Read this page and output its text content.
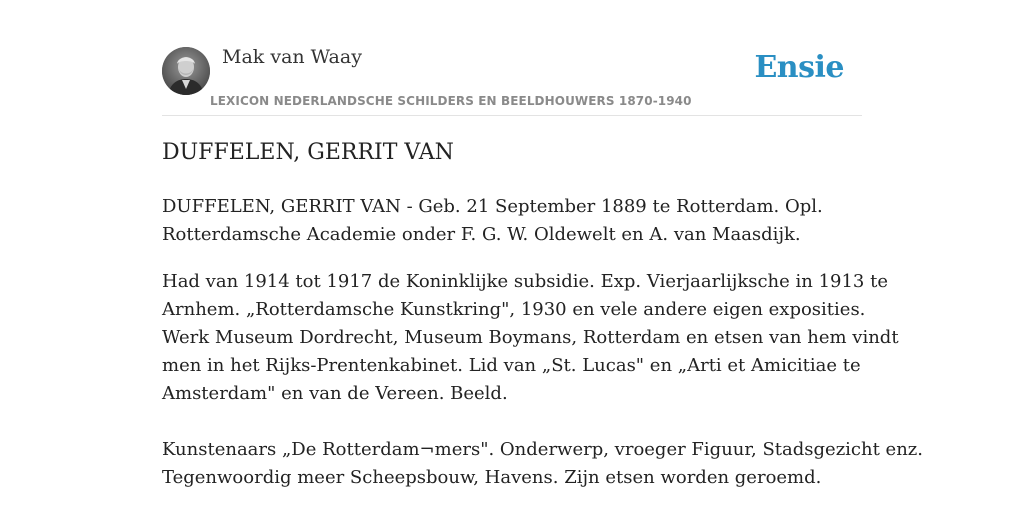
Mak van Waay
LEXICON NEDERLANDSCHE SCHILDERS EN BEELDHOUWERS 1870-1940
Ensie
DUFFELEN, GERRIT VAN

DUFFELEN, GERRIT VAN - Geb. 21 September 1889 te Rotterdam. Opl.
Rotterdamsche Academie onder F. G. W. Oldewelt en A. van Maasdijk.

Had van 1914 tot 1917 de Koninklijke subsidie. Exp. Vierjaarlijksche in 1913 te
Arnhem. „Rotterdamsche Kunstkring", 1930 en vele andere eigen exposities.
Werk Museum Dordrecht, Museum Boymans, Rotterdam en etsen van hem vindt
men in het Rijks-Prentenkabinet. Lid van „St. Lucas" en „Arti et Amicitiae te
Amsterdam" en van de Vereen. Beeld.

Kunstenaars „De Rotterdam¬mers". Onderwerp, vroeger Figuur, Stadsgezicht enz.
Tegenwoordig meer Scheepsbouw, Havens. Zijn etsen worden geroemd.
